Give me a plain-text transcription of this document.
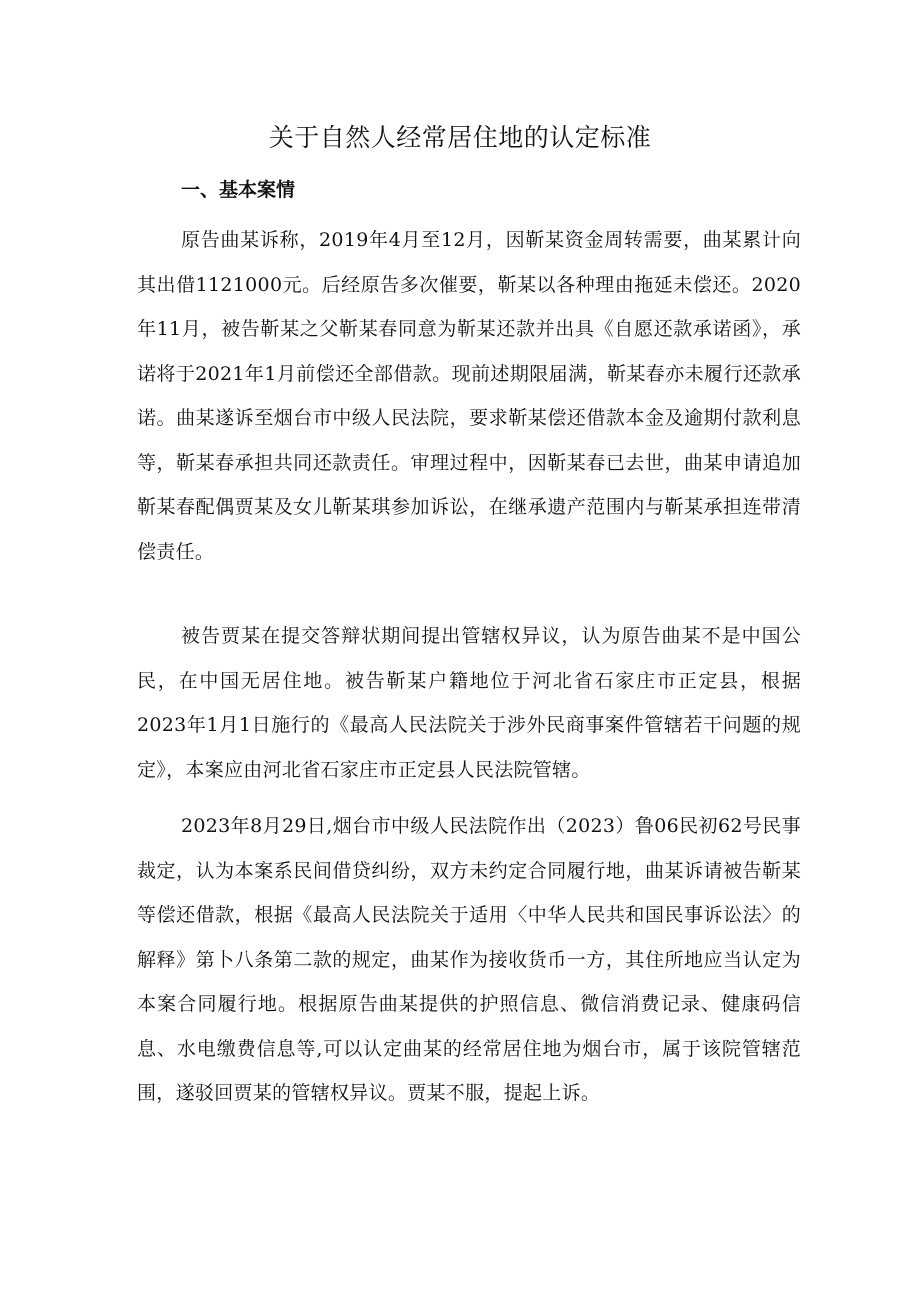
关于自然人经常居住地的认定标准
一、基本案情

原告曲某诉称，2019年4月至12月，因靳某资金周转需要，曲某累计向其出借1121000元。后经原告多次催要，靳某以各种理由拖延未偿还。2020年11月，被告靳某之父靳某春同意为靳某还款并出具《自愿还款承诺函》，承诺将于2021年1月前偿还全部借款。现前述期限届满，靳某春亦未履行还款承诺。曲某遂诉至烟台市中级人民法院，要求靳某偿还借款本金及逾期付款利息等，靳某春承担共同还款责任。审理过程中，因靳某春已去世，曲某申请追加靳某春配偶贾某及女儿靳某琪参加诉讼，在继承遗产范围内与靳某承担连带清偿责任。

被告贾某在提交答辩状期间提出管辖权异议，认为原告曲某不是中国公民，在中国无居住地。被告靳某户籍地位于河北省石家庄市正定县，根据2023年1月1日施行的《最高人民法院关于涉外民商事案件管辖若干问题的规定》，本案应由河北省石家庄市正定县人民法院管辖。

2023年8月29日,烟台市中级人民法院作出（2023）鲁06民初62号民事裁定，认为本案系民间借贷纠纷，双方未约定合同履行地，曲某诉请被告靳某等偿还借款，根据《最高人民法院关于适用〈中华人民共和国民事诉讼法〉的解释》第卜八条第二款的规定，曲某作为接收货币一方，其住所地应当认定为本案合同履行地。根据原告曲某提供的护照信息、微信消费记录、健康码信息、水电缴费信息等,可以认定曲某的经常居住地为烟台市，属于该院管辖范围，遂驳回贾某的管辖权异议。贾某不服，提起上诉。
